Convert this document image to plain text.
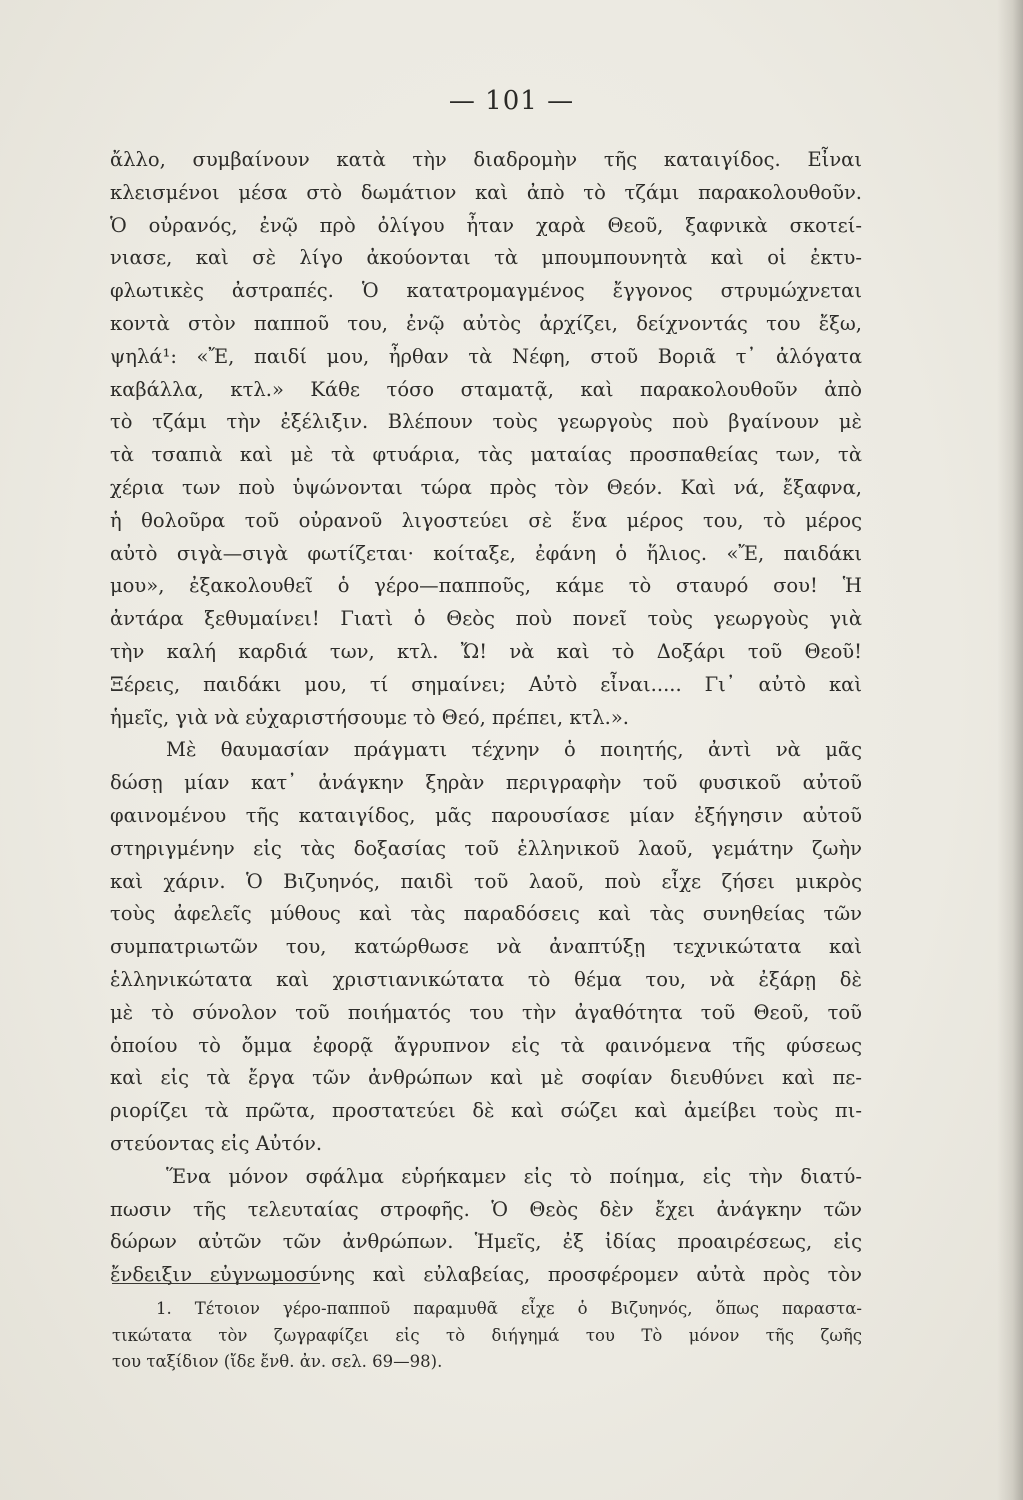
— 101 —
ἄλλο, συμβαίνουν κατὰ τὴν διαδρομὴν τῆς καταιγίδος. Εἶναι
κλεισμένοι μέσα στὸ δωμάτιον καὶ ἀπὸ τὸ τζάμι παρακολουθοῦν.
Ὁ οὐρανός, ἐνῷ πρὸ ὀλίγου ἦταν χαρὰ Θεοῦ, ξαφνικὰ σκοτεί-
νιασε, καὶ σὲ λίγο ἀκούονται τὰ μπουμπουνητὰ καὶ οἱ ἐκτυ-
φλωτικὲς ἀστραπές. Ὁ κατατρομαγμένος ἔγγονος στρυμώχνεται
κοντὰ στὸν παπποῦ του, ἐνῷ αὐτὸς ἀρχίζει, δείχνοντάς του ἔξω,
ψηλά¹: «Ἔ, παιδί μου, ἦρθαν τὰ Νέφη, στοῦ Βοριᾶ τ᾽ ἀλόγατα
καβάλλα, κτλ.» Κάθε τόσο σταματᾷ, καὶ παρακολουθοῦν ἀπὸ
τὸ τζάμι τὴν ἐξέλιξιν. Βλέπουν τοὺς γεωργοὺς ποὺ βγαίνουν μὲ
τὰ τσαπιὰ καὶ μὲ τὰ φτυάρια, τὰς ματαίας προσπαθείας των, τὰ
χέρια των ποὺ ὑψώνονται τώρα πρὸς τὸν Θεόν. Καὶ νά, ἔξαφνα,
ἡ θολοῦρα τοῦ οὐρανοῦ λιγοστεύει σὲ ἕνα μέρος του, τὸ μέρος
αὐτὸ σιγὰ—σιγὰ φωτίζεται· κοίταξε, ἐφάνη ὁ ἥλιος. «Ἔ, παιδάκι
μου», ἐξακολουθεῖ ὁ γέρο—παπποῦς, κάμε τὸ σταυρό σου! Ἡ
ἀντάρα ξεθυμαίνει! Γιατὶ ὁ Θεὸς ποὺ πονεῖ τοὺς γεωργοὺς γιὰ
τὴν καλή καρδιά των, κτλ. Ὤ! νὰ καὶ τὸ Δοξάρι τοῦ Θεοῦ!
Ξέρεις, παιδάκι μου, τί σημαίνει; Αὐτὸ εἶναι..... Γι᾽ αὐτὸ καὶ
ἡμεῖς, γιὰ νὰ εὐχαριστήσουμε τὸ Θεό, πρέπει, κτλ.».
Μὲ θαυμασίαν πράγματι τέχνην ὁ ποιητής, ἀντὶ νὰ μᾶς
δώσῃ μίαν κατ᾽ ἀνάγκην ξηρὰν περιγραφὴν τοῦ φυσικοῦ αὐτοῦ
φαινομένου τῆς καταιγίδος, μᾶς παρουσίασε μίαν ἐξήγησιν αὐτοῦ
στηριγμένην εἰς τὰς δοξασίας τοῦ ἑλληνικοῦ λαοῦ, γεμάτην ζωὴν
καὶ χάριν. Ὁ Βιζυηνός, παιδὶ τοῦ λαοῦ, ποὺ εἶχε ζήσει μικρὸς
τοὺς ἀφελεῖς μύθους καὶ τὰς παραδόσεις καὶ τὰς συνηθείας τῶν
συμπατριωτῶν του, κατώρθωσε νὰ ἀναπτύξῃ τεχνικώτατα καὶ
ἑλληνικώτατα καὶ χριστιανικώτατα τὸ θέμα του, νὰ ἐξάρῃ δὲ
μὲ τὸ σύνολον τοῦ ποιήματός του τὴν ἀγαθότητα τοῦ Θεοῦ, τοῦ
ὁποίου τὸ ὄμμα ἐφορᾷ ἄγρυπνον εἰς τὰ φαινόμενα τῆς φύσεως
καὶ εἰς τὰ ἔργα τῶν ἀνθρώπων καὶ μὲ σοφίαν διευθύνει καὶ πε-
ριορίζει τὰ πρῶτα, προστατεύει δὲ καὶ σώζει καὶ ἀμείβει τοὺς πι-
στεύοντας εἰς Αὐτόν.
Ἕνα μόνον σφάλμα εὑρήκαμεν εἰς τὸ ποίημα, εἰς τὴν διατύ-
πωσιν τῆς τελευταίας στροφῆς. Ὁ Θεὸς δὲν ἔχει ἀνάγκην τῶν
δώρων αὐτῶν τῶν ἀνθρώπων. Ἡμεῖς, ἐξ ἰδίας προαιρέσεως, εἰς
ἔνδειξιν εὐγνωμοσύνης καὶ εὐλαβείας, προσφέρομεν αὐτὰ πρὸς τὸν
1. Τέτοιον γέρο-παπποῦ παραμυθᾶ εἶχε ὁ Βιζυηνός, ὅπως παραστα-
τικώτατα τὸν ζωγραφίζει εἰς τὸ διήγημά του Τὸ μόνον τῆς ζωῆς
του ταξίδιον (ἴδε ἔνθ. ἀν. σελ. 69—98).
